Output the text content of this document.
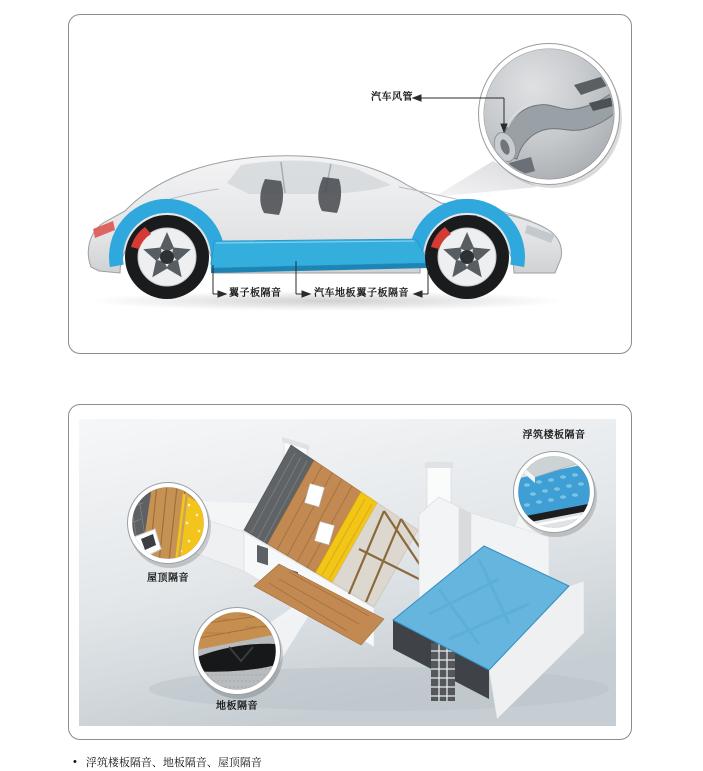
汽车风管
翼子板隔音	汽车地板 翼子板隔音
浮筑楼板隔音
屋顶隔音
地板隔音
• 浮筑楼板隔音、地板隔音、屋顶隔音
